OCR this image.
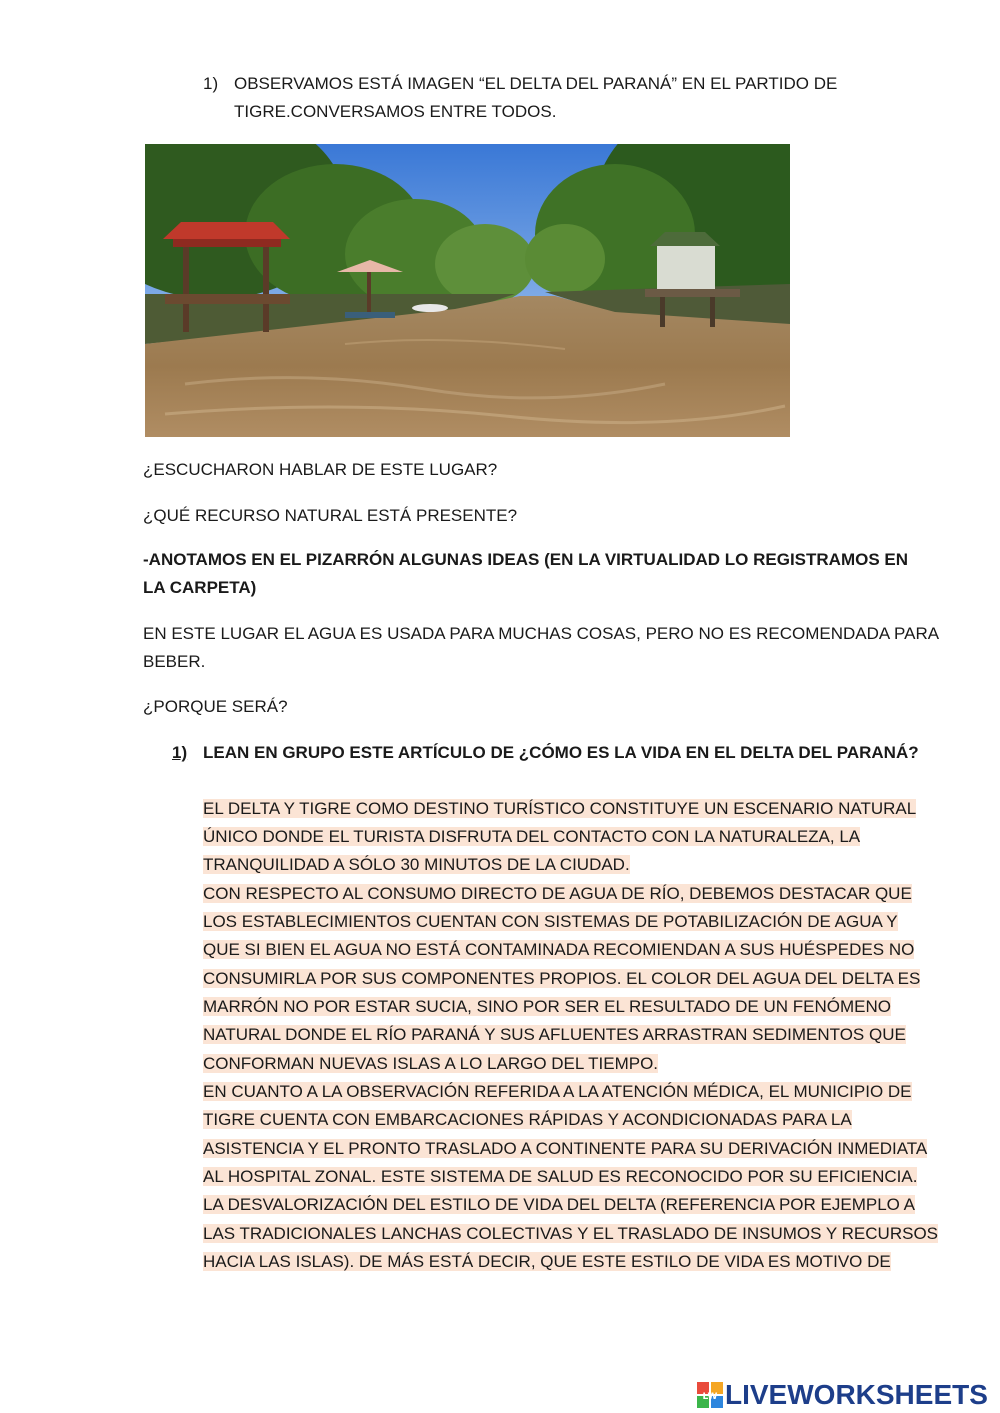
1) OBSERVAMOS ESTÁ IMAGEN “EL DELTA DEL PARANÁ” EN EL PARTIDO DE
TIGRE.CONVERSAMOS ENTRE TODOS.
¿ESCUCHARON HABLAR DE ESTE LUGAR?
¿QUÉ RECURSO NATURAL ESTÁ PRESENTE?
-ANOTAMOS EN EL PIZARRÓN ALGUNAS IDEAS (EN LA VIRTUALIDAD LO REGISTRAMOS EN
LA CARPETA)
EN ESTE LUGAR EL AGUA ES USADA PARA MUCHAS COSAS, PERO NO ES RECOMENDADA PARA
BEBER.
¿PORQUE SERÁ?
1) LEAN EN GRUPO ESTE ARTÍCULO DE ¿CÓMO ES LA VIDA EN EL DELTA DEL PARANÁ?
EL DELTA Y TIGRE COMO DESTINO TURÍSTICO CONSTITUYE UN ESCENARIO NATURAL
ÚNICO DONDE EL TURISTA DISFRUTA DEL CONTACTO CON LA NATURALEZA, LA
TRANQUILIDAD A SÓLO 30 MINUTOS DE LA CIUDAD.
CON RESPECTO AL CONSUMO DIRECTO DE AGUA DE RÍO, DEBEMOS DESTACAR QUE
LOS ESTABLECIMIENTOS CUENTAN CON SISTEMAS DE POTABILIZACIÓN DE AGUA Y
QUE SI BIEN EL AGUA NO ESTÁ CONTAMINADA RECOMIENDAN A SUS HUÉSPEDES NO
CONSUMIRLA POR SUS COMPONENTES PROPIOS. EL COLOR DEL AGUA DEL DELTA ES
MARRÓN NO POR ESTAR SUCIA, SINO POR SER EL RESULTADO DE UN FENÓMENO
NATURAL DONDE EL RÍO PARANÁ Y SUS AFLUENTES ARRASTRAN SEDIMENTOS QUE
CONFORMAN NUEVAS ISLAS A LO LARGO DEL TIEMPO.
EN CUANTO A LA OBSERVACIÓN REFERIDA A LA ATENCIÓN MÉDICA, EL MUNICIPIO DE
TIGRE CUENTA CON EMBARCACIONES RÁPIDAS Y ACONDICIONADAS PARA LA
ASISTENCIA Y EL PRONTO TRASLADO A CONTINENTE PARA SU DERIVACIÓN INMEDIATA
AL HOSPITAL ZONAL. ESTE SISTEMA DE SALUD ES RECONOCIDO POR SU EFICIENCIA.
LA DESVALORIZACIÓN DEL ESTILO DE VIDA DEL DELTA (REFERENCIA POR EJEMPLO A
LAS TRADICIONALES LANCHAS COLECTIVAS Y EL TRASLADO DE INSUMOS Y RECURSOS
HACIA LAS ISLAS). DE MÁS ESTÁ DECIR, QUE ESTE ESTILO DE VIDA ES MOTIVO DE
LW LIVEWORKSHEETS
